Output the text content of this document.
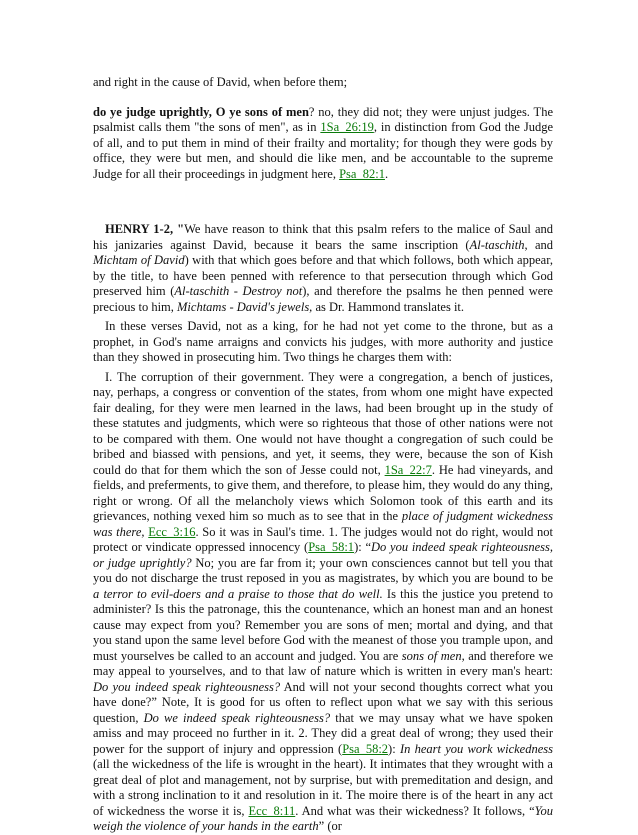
and right in the cause of David, when before them;

do ye judge uprightly, O ye sons of men? no, they did not; they were unjust judges. The psalmist calls them "the sons of men", as in 1Sa_26:19, in distinction from God the Judge of all, and to put them in mind of their frailty and mortality; for though they were gods by office, they were but men, and should die like men, and be accountable to the supreme Judge for all their proceedings in judgment here, Psa_82:1.

HENRY 1-2, "We have reason to think that this psalm refers to the malice of Saul and his janizaries against David, because it bears the same inscription (Al-taschith, and Michtam of David) with that which goes before and that which follows, both which appear, by the title, to have been penned with reference to that persecution through which God preserved him (Al-taschith - Destroy not), and therefore the psalms he then penned were precious to him, Michtams - David's jewels, as Dr. Hammond translates it.

In these verses David, not as a king, for he had not yet come to the throne, but as a prophet, in God's name arraigns and convicts his judges, with more authority and justice than they showed in prosecuting him. Two things he charges them with:

I. The corruption of their government. They were a congregation, a bench of justices, nay, perhaps, a congress or convention of the states, from whom one might have expected fair dealing, for they were men learned in the laws, had been brought up in the study of these statutes and judgments, which were so righteous that those of other nations were not to be compared with them. One would not have thought a congregation of such could be bribed and biassed with pensions, and yet, it seems, they were, because the son of Kish could do that for them which the son of Jesse could not, 1Sa_22:7. He had vineyards, and fields, and preferments, to give them, and therefore, to please him, they would do any thing, right or wrong. Of all the melancholy views which Solomon took of this earth and its grievances, nothing vexed him so much as to see that in the place of judgment wickedness was there, Ecc_3:16. So it was in Saul's time. 1. The judges would not do right, would not protect or vindicate oppressed innocency (Psa_58:1): “Do you indeed speak righteousness, or judge uprightly? No; you are far from it; your own consciences cannot but tell you that you do not discharge the trust reposed in you as magistrates, by which you are bound to be a terror to evil-doers and a praise to those that do well. Is this the justice you pretend to administer? Is this the patronage, this the countenance, which an honest man and an honest cause may expect from you? Remember you are sons of men; mortal and dying, and that you stand upon the same level before God with the meanest of those you trample upon, and must yourselves be called to an account and judged. You are sons of men, and therefore we may appeal to yourselves, and to that law of nature which is written in every man's heart: Do you indeed speak righteousness? And will not your second thoughts correct what you have done?” Note, It is good for us often to reflect upon what we say with this serious question, Do we indeed speak righteousness? that we may unsay what we have spoken amiss and may proceed no further in it. 2. They did a great deal of wrong; they used their power for the support of injury and oppression (Psa_58:2): In heart you work wickedness (all the wickedness of the life is wrought in the heart). It intimates that they wrought with a great deal of plot and management, not by surprise, but with premeditation and design, and with a strong inclination to it and resolution in it. The moire there is of the heart in any act of wickedness the worse it is, Ecc_8:11. And what was their wickedness? It follows, “You weigh the violence of your hands in the earth” (or
